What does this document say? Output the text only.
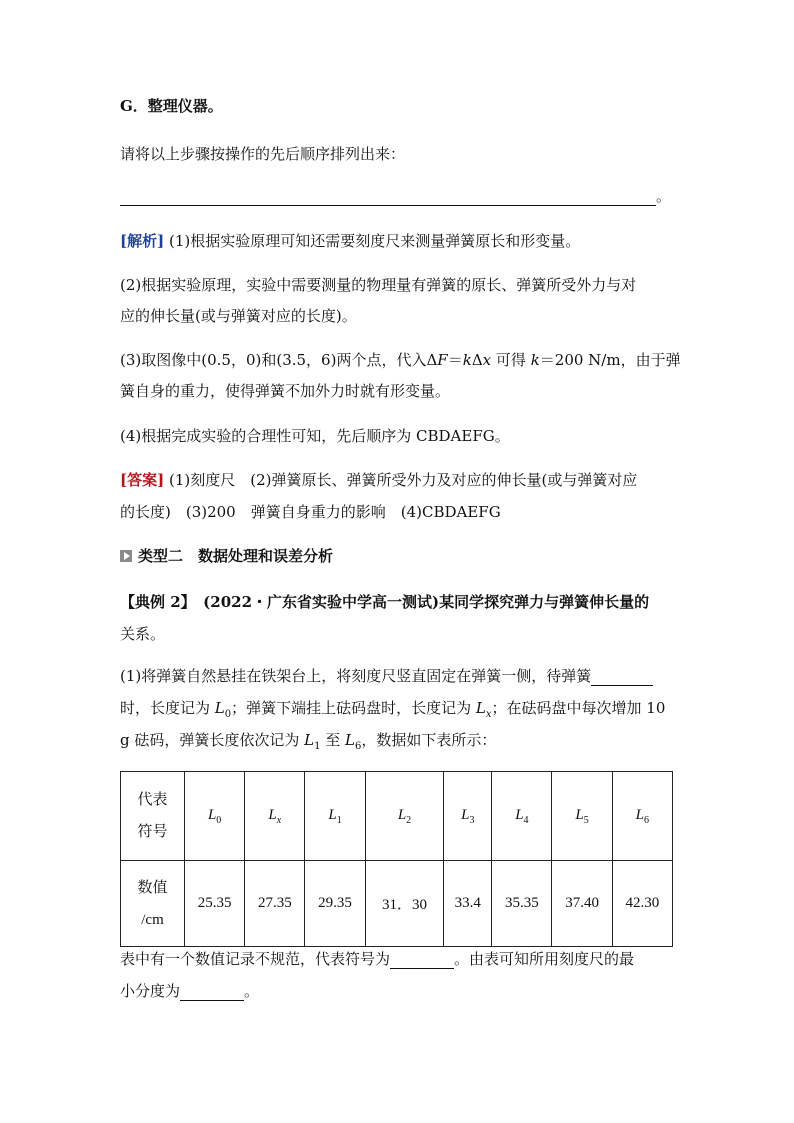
G．整理仪器。
请将以上步骤按操作的先后顺序排列出来：
。
[解析] (1)根据实验原理可知还需要刻度尺来测量弹簧原长和形变量。
(2)根据实验原理，实验中需要测量的物理量有弹簧的原长、弹簧所受外力与对
应的伸长量(或与弹簧对应的长度)。
(3)取图像中(0.5，0)和(3.5，6)两个点，代入ΔF＝kΔx 可得 k＝200 N/m，由于弹
簧自身的重力，使得弹簧不加外力时就有形变量。
(4)根据完成实验的合理性可知，先后顺序为 CBDAEFG。
[答案] (1)刻度尺　(2)弹簧原长、弹簧所受外力及对应的伸长量(或与弹簧对应
的长度)　(3)200　弹簧自身重力的影响　(4)CBDAEFG
类型二　数据处理和误差分析
【典例 2】　(2022・广东省实验中学高一测试)某同学探究弹力与弹簧伸长量的
关系。
(1)将弹簧自然悬挂在铁架台上，将刻度尺竖直固定在弹簧一侧，待弹簧
时，长度记为 $L_0$；弹簧下端挂上砝码盘时，长度记为 $L_x$；在砝码盘中每次增加 10
g 砝码，弹簧长度依次记为 $L_1$ 至 $L_6$，数据如下表所示：
代表
符号	$L_0$	$L_x$	$L_1$	$L_2$	$L_3$	$L_4$	$L_5$	$L_6$

数值
/cm	25.35	27.35	29.35	31．30	33.4	35.35	37.40	42.30
表中有一个数值记录不规范，代表符号为	。由表可知所用刻度尺的最
小分度为	。
